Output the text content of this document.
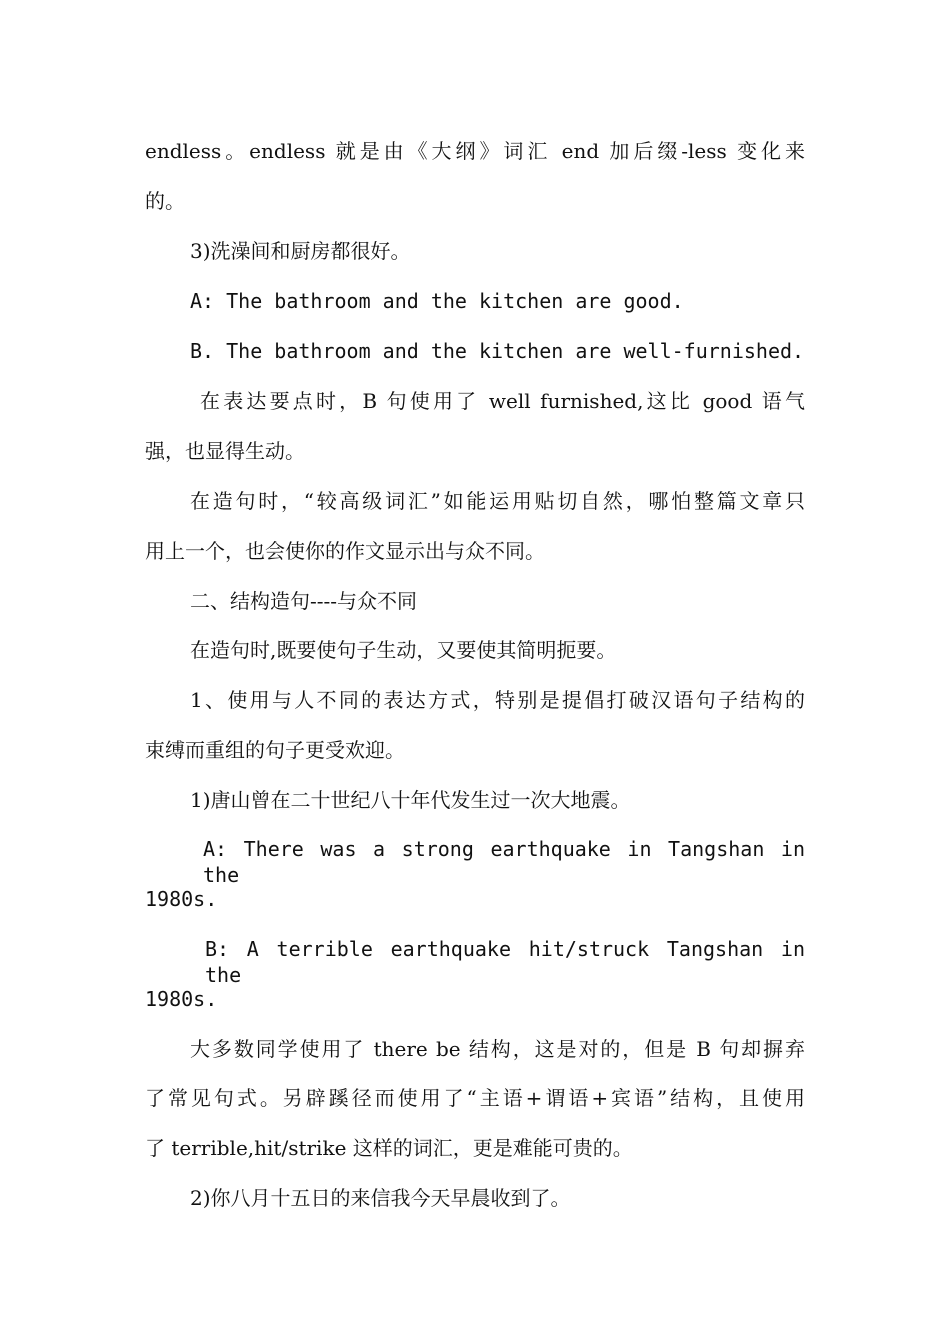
endless。endless 就是由《大纲》词汇 end 加后缀-less 变化来
的。
3)洗澡间和厨房都很好。
A: The bathroom and the kitchen are good.
B. The bathroom and the kitchen are well-furnished.
在表达要点时，B 句使用了 well furnished,这比 good 语气
强，也显得生动。
在造句时，“较高级词汇”如能运用贴切自然，哪怕整篇文章只
用上一个，也会使你的作文显示出与众不同。
二、结构造句----与众不同
在造句时,既要使句子生动，又要使其简明扼要。
1、使用与人不同的表达方式，特别是提倡打破汉语句子结构的
束缚而重组的句子更受欢迎。
1)唐山曾在二十世纪八十年代发生过一次大地震。
A: There was a strong earthquake in Tangshan in the
1980s.
B: A terrible earthquake hit/struck Tangshan in the
1980s.
大多数同学使用了 there be 结构，这是对的，但是 B 句却摒弃
了常见句式。另辟蹊径而使用了“主语+谓语+宾语”结构，且使用
了 terrible,hit/strike 这样的词汇，更是难能可贵的。
2)你八月十五日的来信我今天早晨收到了。
